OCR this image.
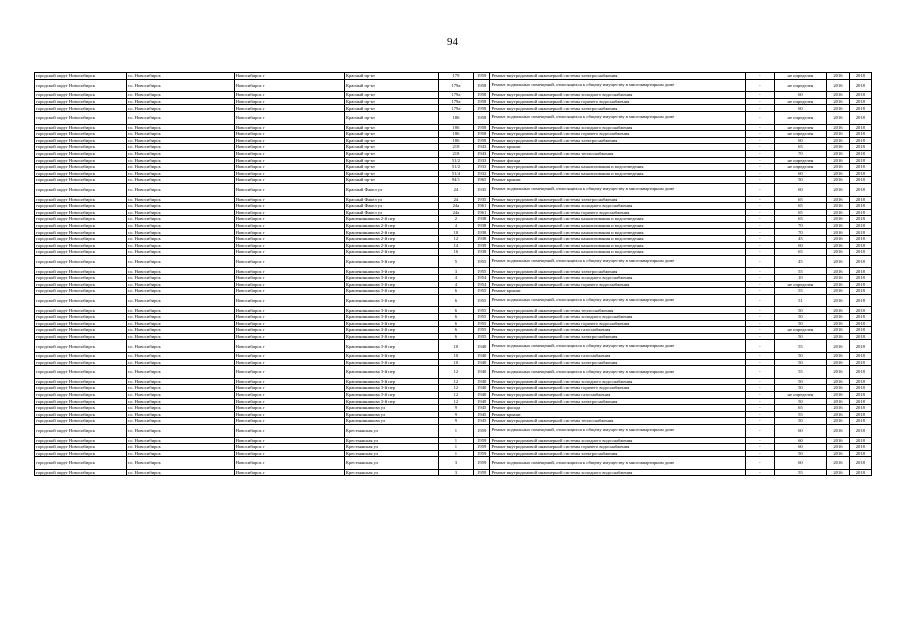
94
городской округ Новосибирск	г.о. Новосибирск	Новосибирск г	Красный пр-кт	179	1959	Ремонт внутридомовой инженерной системы электроснабжения	-	не определен	2016	2018
городской округ Новосибирск	г.о. Новосибирск	Новосибирск г	Красный пр-кт	179а	1958	Ремонт подвальных помещений, относящихся к общему имуществу в многоквартирном доме	-	не определен	2016	2018
городской округ Новосибирск	г.о. Новосибирск	Новосибирск г	Красный пр-кт	179а	1958	Ремонт внутридомовой инженерной системы холодного водоснабжения	-	60	2016	2018
городской округ Новосибирск	г.о. Новосибирск	Новосибирск г	Красный пр-кт	179а	1958	Ремонт внутридомовой инженерной системы горячего водоснабжения	-	не определен	2016	2018
городской округ Новосибирск	г.о. Новосибирск	Новосибирск г	Красный пр-кт	179а	1958	Ремонт внутридомовой инженерной системы электроснабжения	-	60	2016	2018
городской округ Новосибирск	г.о. Новосибирск	Новосибирск г	Красный пр-кт	186	1958	Ремонт подвальных помещений, относящихся к общему имуществу в многоквартирном доме	-	не определен	2016	2018
городской округ Новосибирск	г.о. Новосибирск	Новосибирск г	Красный пр-кт	186	1958	Ремонт внутридомовой инженерной системы холодного водоснабжения	-	не определен	2016	2018
городской округ Новосибирск	г.о. Новосибирск	Новосибирск г	Красный пр-кт	186	1958	Ремонт внутридомовой инженерной системы горячего водоснабжения	-	не определен	2016	2018
городской округ Новосибирск	г.о. Новосибирск	Новосибирск г	Красный пр-кт	186	1958	Ремонт внутридомовой инженерной системы электроснабжения	-	60	2016	2018
городской округ Новосибирск	г.о. Новосибирск	Новосибирск г	Красный пр-кт	218	1943	Ремонт крыши	-	65	2016	2018
городской округ Новосибирск	г.о. Новосибирск	Новосибирск г	Красный пр-кт	218	1943	Ремонт внутридомовой инженерной системы теплоснабжения	-	70	2016	2018
городской округ Новосибирск	г.о. Новосибирск	Новосибирск г	Красный пр-кт	51/2	1933	Ремонт фасада	-	не определен	2016	2018
городской округ Новосибирск	г.о. Новосибирск	Новосибирск г	Красный пр-кт	51/2	1933	Ремонт внутридомовой инженерной системы канализования и водоотведения	-	не определен	2016	2018
городской округ Новосибирск	г.о. Новосибирск	Новосибирск г	Красный пр-кт	51/4	1932	Ремонт внутридомовой инженерной системы канализования и водоотведения	-	60	2016	2018
городской округ Новосибирск	г.о. Новосибирск	Новосибирск г	Красный пр-кт	94/1	1965	Ремонт крыши	-	50	2016	2018
городской округ Новосибирск	г.о. Новосибирск	Новосибирск г	Красный Факел ул	24	1935	Ремонт подвальных помещений, относящихся к общему имуществу в многоквартирном доме	-	60	2016	2018
городской округ Новосибирск	г.о. Новосибирск	Новосибирск г	Красный Факел ул	24	1935	Ремонт внутридомовой инженерной системы электроснабжения	-	65	2016	2018
городской округ Новосибирск	г.о. Новосибирск	Новосибирск г	Красный Факел ул	24а	1961	Ремонт внутридомовой инженерной системы холодного водоснабжения	-	65	2016	2018
городской округ Новосибирск	г.о. Новосибирск	Новосибирск г	Красный Факел ул	24а	1961	Ремонт внутридомовой инженерной системы горячего водоснабжения	-	65	2016	2018
городской округ Новосибирск	г.о. Новосибирск	Новосибирск г	Крашенинникова 2-й пер	2	1938	Ремонт внутридомовой инженерной системы канализования и водоотведения	-	65	2016	2018
городской округ Новосибирск	г.о. Новосибирск	Новосибирск г	Крашенинникова 2-й пер	4	1938	Ремонт внутридомовой инженерной системы канализования и водоотведения	-	70	2016	2018
городской округ Новосибирск	г.о. Новосибирск	Новосибирск г	Крашенинникова 2-й пер	10	1938	Ремонт внутридомовой инженерной системы канализования и водоотведения	-	70	2016	2018
городской округ Новосибирск	г.о. Новосибирск	Новосибирск г	Крашенинникова 2-й пер	12	1938	Ремонт внутридомовой инженерной системы канализования и водоотведения	-	45	2016	2018
городской округ Новосибирск	г.о. Новосибирск	Новосибирск г	Крашенинникова 2-й пер	14	1939	Ремонт внутридомовой инженерной системы канализования и водоотведения	-	60	2016	2018
городской округ Новосибирск	г.о. Новосибирск	Новосибирск г	Крашенинникова 2-й пер	16	1938	Ремонт внутридомовой инженерной системы канализования и водоотведения	-	65	2016	2018
городской округ Новосибирск	г.о. Новосибирск	Новосибирск г	Крашенинникова 3-й пер	5	1955	Ремонт подвальных помещений, относящихся к общему имуществу в многоквартирном доме	-	45	2016	2018
городской округ Новосибирск	г.о. Новосибирск	Новосибирск г	Крашенинникова 3-й пер	3	1955	Ремонт внутридомовой инженерной системы электроснабжения	-	55	2016	2018
городской округ Новосибирск	г.о. Новосибирск	Новосибирск г	Крашенинникова 3-й пер	4	1954	Ремонт внутридомовой инженерной системы холодного водоснабжения	-	10	2016	2018
городской округ Новосибирск	г.о. Новосибирск	Новосибирск г	Крашенинникова 3-й пер	4	1954	Ремонт внутридомовой инженерной системы горячего водоснабжения	-	не определен	2016	2018
городской округ Новосибирск	г.о. Новосибирск	Новосибирск г	Крашенинникова 3-й пер	6	1955	Ремонт крыши	-	55	2016	2018
городской округ Новосибирск	г.о. Новосибирск	Новосибирск г	Крашенинникова 3-й пер	6	1955	Ремонт подвальных помещений, относящихся к общему имуществу в многоквартирном доме	-	51	2016	2018
городской округ Новосибирск	г.о. Новосибирск	Новосибирск г	Крашенинникова 3-й пер	6	1955	Ремонт внутридомовой инженерной системы теплоснабжения	-	50	2016	2018
городской округ Новосибирск	г.о. Новосибирск	Новосибирск г	Крашенинникова 3-й пер	6	1955	Ремонт внутридомовой инженерной системы холодного водоснабжения	-	50	2016	2018
городской округ Новосибирск	г.о. Новосибирск	Новосибирск г	Крашенинникова 3-й пер	6	1955	Ремонт внутридомовой инженерной системы горячего водоснабжения	-	50	2016	2018
городской округ Новосибирск	г.о. Новосибирск	Новосибирск г	Крашенинникова 3-й пер	6	1955	Ремонт внутридомовой инженерной системы газоснабжения	-	не определен	2016	2018
городской округ Новосибирск	г.о. Новосибирск	Новосибирск г	Крашенинникова 3-й пер	6	1955	Ремонт внутридомовой инженерной системы электроснабжения	-	50	2016	2018
городской округ Новосибирск	г.о. Новосибирск	Новосибирск г	Крашенинникова 3-й пер	10	1940	Ремонт подвальных помещений, относящихся к общему имуществу в многоквартирном доме	-	55	2016	2018
городской округ Новосибирск	г.о. Новосибирск	Новосибирск г	Крашенинникова 3-й пер	10	1940	Ремонт внутридомовой инженерной системы газоснабжения	-	50	2016	2018
городской округ Новосибирск	г.о. Новосибирск	Новосибирск г	Крашенинникова 3-й пер	10	1940	Ремонт внутридомовой инженерной системы электроснабжения	-	50	2016	2018
городской округ Новосибирск	г.о. Новосибирск	Новосибирск г	Крашенинникова 3-й пер	12	1940	Ремонт подвальных помещений, относящихся к общему имуществу в многоквартирном доме	-	55	2016	2018
городской округ Новосибирск	г.о. Новосибирск	Новосибирск г	Крашенинникова 3-й пер	12	1940	Ремонт внутридомовой инженерной системы холодного водоснабжения	-	50	2016	2018
городской округ Новосибирск	г.о. Новосибирск	Новосибирск г	Крашенинникова 3-й пер	12	1940	Ремонт внутридомовой инженерной системы горячего водоснабжения	-	50	2016	2018
городской округ Новосибирск	г.о. Новосибирск	Новосибирск г	Крашенинникова 3-й пер	12	1940	Ремонт внутридомовой инженерной системы газоснабжения	-	не определен	2016	2018
городской округ Новосибирск	г.о. Новосибирск	Новосибирск г	Крашенинникова 3-й пер	12	1940	Ремонт внутридомовой инженерной системы электроснабжения	-	50	2016	2018
городской округ Новосибирск	г.о. Новосибирск	Новосибирск г	Крашенинникова ул	9	1945	Ремонт фасада	-	65	2016	2018
городской округ Новосибирск	г.о. Новосибирск	Новосибирск г	Крашенинникова ул	9	1945	Ремонт крыши	-	55	2016	2018
городской округ Новосибирск	г.о. Новосибирск	Новосибирск г	Крашенинникова ул	9	1945	Ремонт внутридомовой инженерной системы теплоснабжения	-	50	2016	2018
городской округ Новосибирск	г.о. Новосибирск	Новосибирск г	Крестьянская ул	1	1959	Ремонт подвальных помещений, относящихся к общему имуществу в многоквартирном доме	-	60	2016	2018
городской округ Новосибирск	г.о. Новосибирск	Новосибирск г	Крестьянская ул	1	1959	Ремонт внутридомовой инженерной системы холодного водоснабжения	-	60	2016	2018
городской округ Новосибирск	г.о. Новосибирск	Новосибирск г	Крестьянская ул	1	1959	Ремонт внутридомовой инженерной системы горячего водоснабжения	-	60	2016	2018
городской округ Новосибирск	г.о. Новосибирск	Новосибирск г	Крестьянская ул	1	1959	Ремонт внутридомовой инженерной системы электроснабжения	-	50	2016	2018
городской округ Новосибирск	г.о. Новосибирск	Новосибирск г	Крестьянская ул	3	1959	Ремонт подвальных помещений, относящихся к общему имуществу в многоквартирном доме	-	60	2016	2018
городской округ Новосибирск	г.о. Новосибирск	Новосибирск г	Крестьянская ул	3	1959	Ремонт внутридомовой инженерной системы холодного водоснабжения	-	55	2016	2018
